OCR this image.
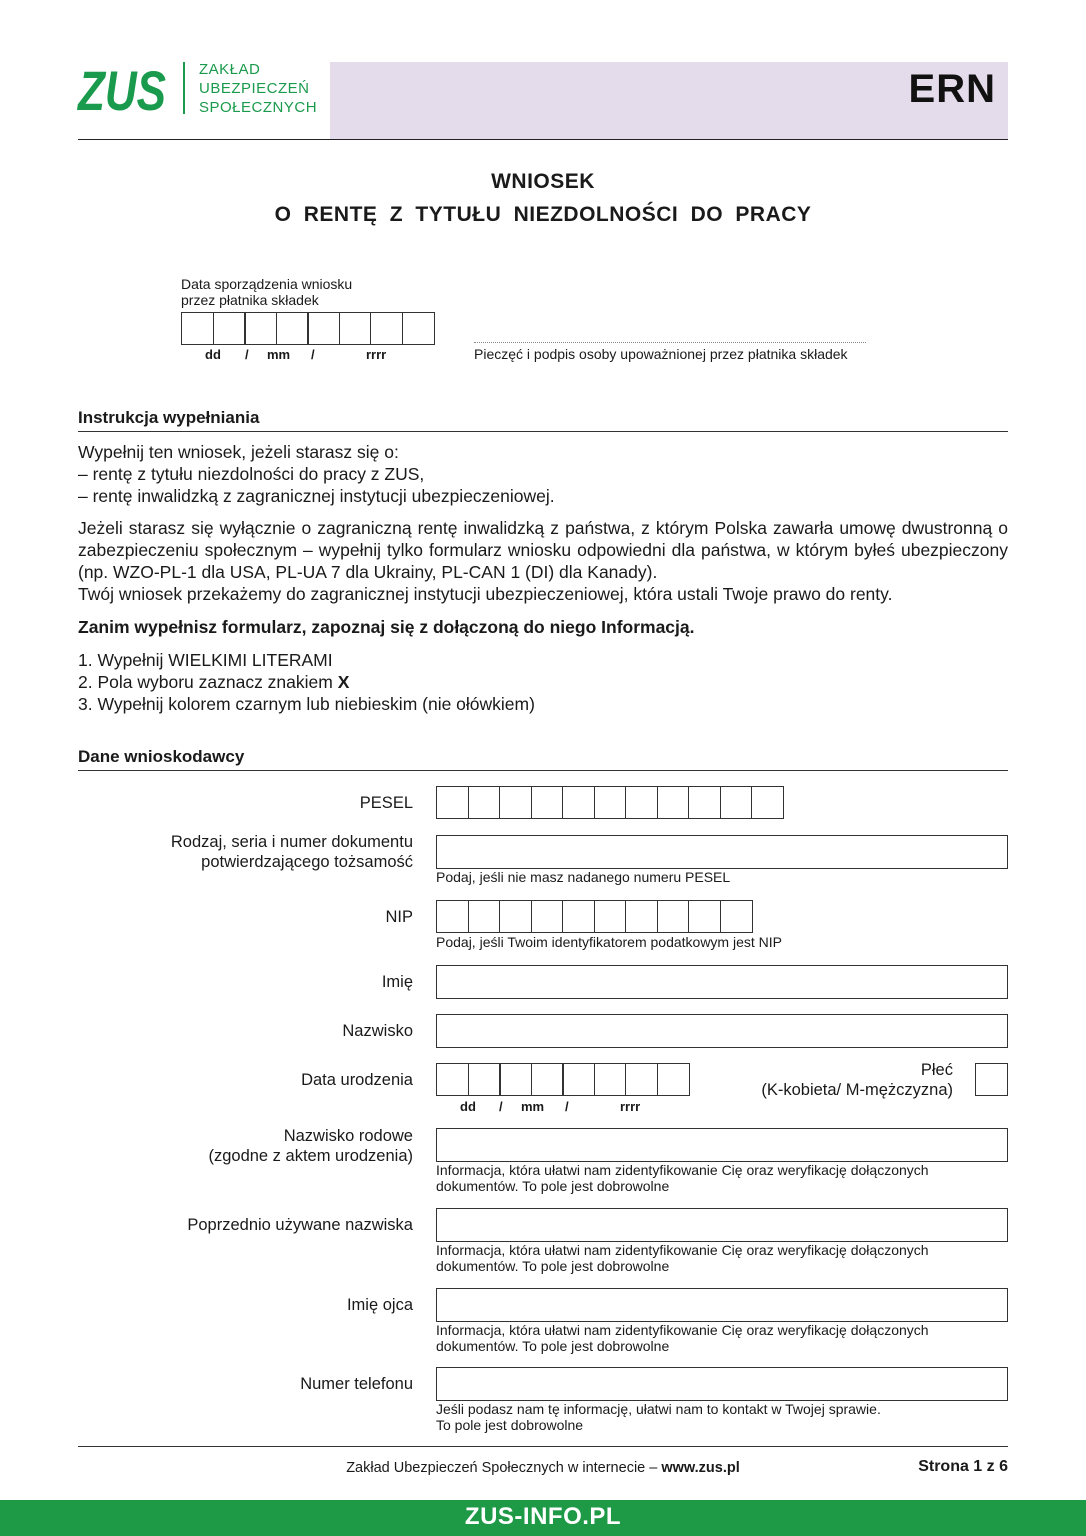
ZUS ZAKŁAD
UBEZPIECZEŃ
SPOŁECZNYCH	ERN
WNIOSEK
O RENTĘ Z TYTUŁU NIEZDOLNOŚCI DO PRACY
Data sporządzenia wniosku
przez płatnika składek
dd / mm /	rrrr	Pieczęć i podpis osoby upoważnionej przez płatnika składek
Instrukcja wypełniania
Wypełnij ten wniosek, jeżeli starasz się o:
– rentę z tytułu niezdolności do pracy z ZUS,
– rentę inwalidzką z zagranicznej instytucji ubezpieczeniowej.
Jeżeli starasz się wyłącznie o zagraniczną rentę inwalidzką z państwa, z którym Polska zawarła umowę dwustronną o zabezpieczeniu społecznym – wypełnij tylko formularz wniosku odpowiedni dla państwa, w którym byłeś ubezpieczony (np. WZO-PL-1 dla USA, PL-UA 7 dla Ukrainy, PL-CAN 1 (DI) dla Kanady).
Twój wniosek przekażemy do zagranicznej instytucji ubezpieczeniowej, która ustali Twoje prawo do renty.
Zanim wypełnisz formularz, zapoznaj się z dołączoną do niego Informacją.
1. Wypełnij WIELKIMI LITERAMI
2. Pola wyboru zaznacz znakiem X
3. Wypełnij kolorem czarnym lub niebieskim (nie ołówkiem)
Dane wnioskodawcy
PESEL
Rodzaj, seria i numer dokumentu
potwierdzającego tożsamość
Podaj, jeśli nie masz nadanego numeru PESEL
NIP
Podaj, jeśli Twoim identyfikatorem podatkowym jest NIP
Imię
Nazwisko
Data urodzenia
dd / mm /	rrrr
Płeć
(K-kobieta/ M-mężczyzna)
Nazwisko rodowe
(zgodne z aktem urodzenia)
Informacja, która ułatwi nam zidentyfikowanie Cię oraz weryfikację dołączonych
dokumentów. To pole jest dobrowolne
Poprzednio używane nazwiska
Informacja, która ułatwi nam zidentyfikowanie Cię oraz weryfikację dołączonych
dokumentów. To pole jest dobrowolne
Imię ojca
Informacja, która ułatwi nam zidentyfikowanie Cię oraz weryfikację dołączonych
dokumentów. To pole jest dobrowolne
Numer telefonu
Jeśli podasz nam tę informację, ułatwi nam to kontakt w Twojej sprawie.
To pole jest dobrowolne
Zakład Ubezpieczeń Społecznych w internecie – www.zus.pl	Strona 1 z 6
ZUS-INFO.PL
